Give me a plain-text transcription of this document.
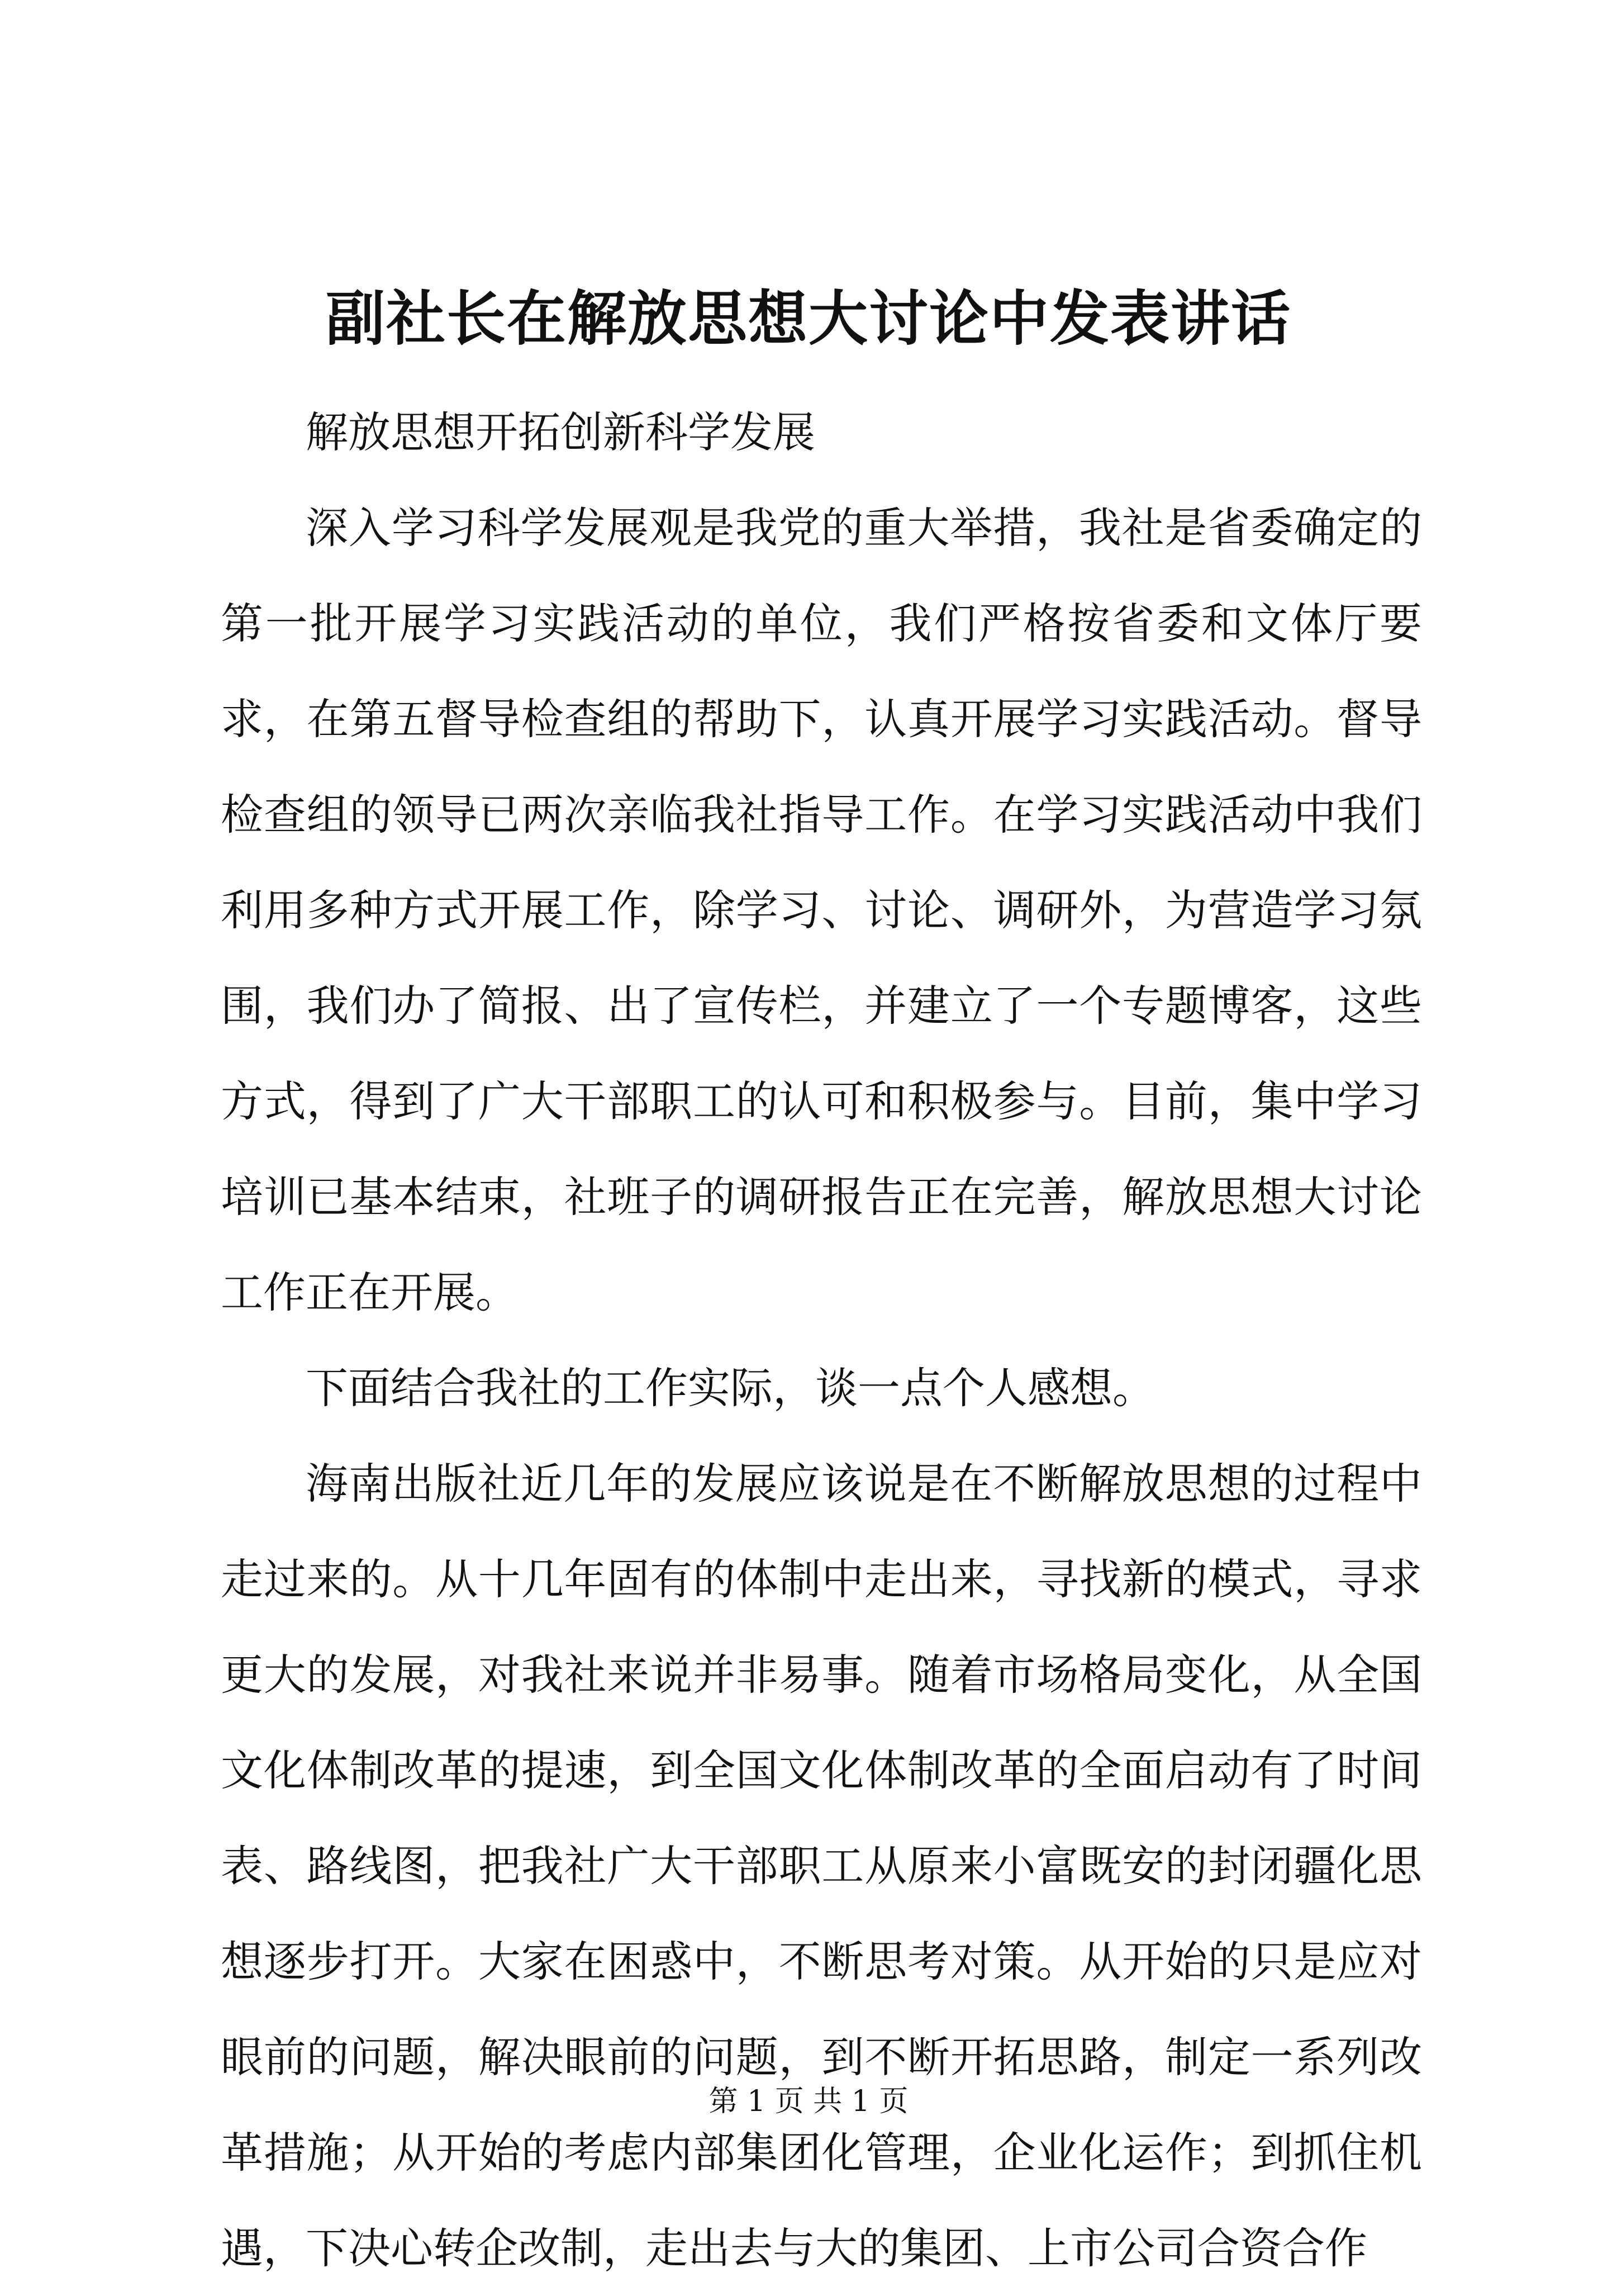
副社长在解放思想大讨论中发表讲话

解放思想开拓创新科学发展

深入学习科学发展观是我党的重大举措，我社是省委确定的第一批开展学习实践活动的单位，我们严格按省委和文体厅要求，在第五督导检查组的帮助下，认真开展学习实践活动。督导检查组的领导已两次亲临我社指导工作。在学习实践活动中我们利用多种方式开展工作，除学习、讨论、调研外，为营造学习氛围，我们办了简报、出了宣传栏，并建立了一个专题博客，这些方式，得到了广大干部职工的认可和积极参与。目前，集中学习培训已基本结束，社班子的调研报告正在完善，解放思想大讨论工作正在开展。

下面结合我社的工作实际，谈一点个人感想。

海南出版社近几年的发展应该说是在不断解放思想的过程中走过来的。从十几年固有的体制中走出来，寻找新的模式，寻求更大的发展，对我社来说并非易事。随着市场格局变化，从全国文化体制改革的提速，到全国文化体制改革的全面启动有了时间表、路线图，把我社广大干部职工从原来小富既安的封闭疆化思想逐步打开。大家在困惑中，不断思考对策。从开始的只是应对眼前的问题，解决眼前的问题，到不断开拓思路，制定一系列改革措施；从开始的考虑内部集团化管理，企业化运作；到抓住机遇，下决心转企改制，走出去与大的集团、上市公司合资合作

第 1 页 共 1 页
